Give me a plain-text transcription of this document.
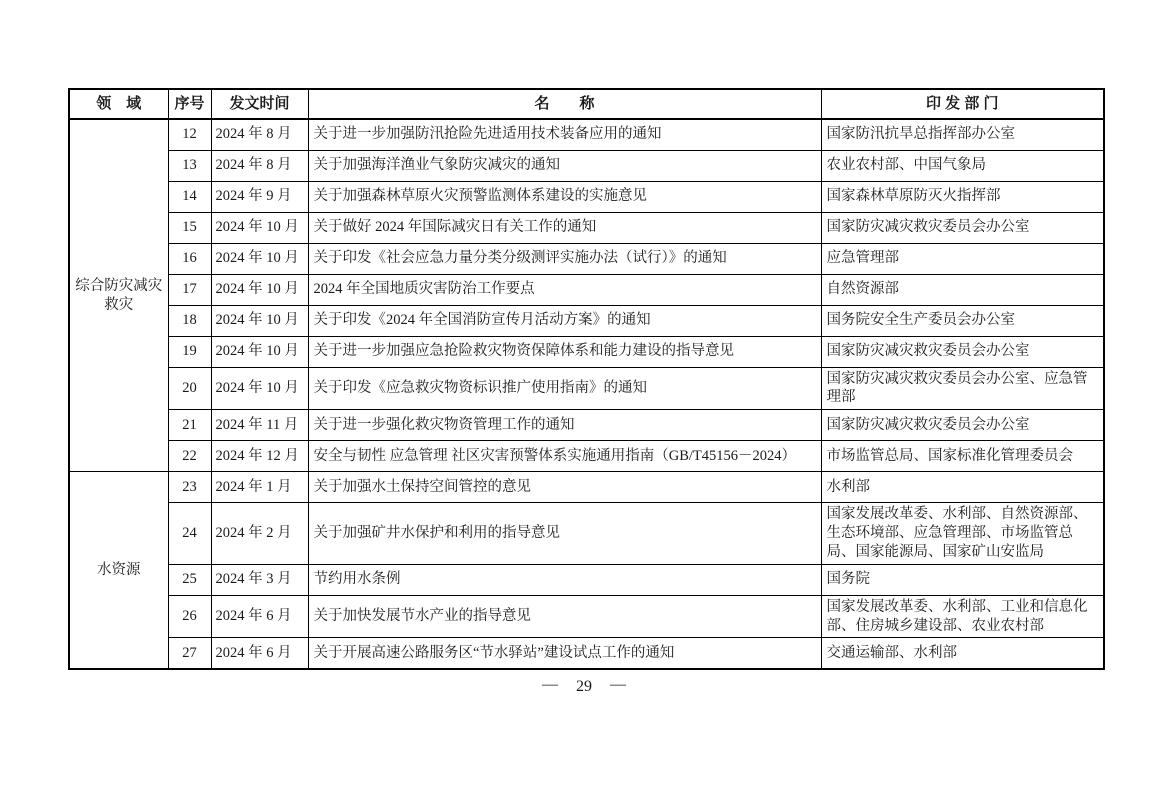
领　域	序号	发文时间	名　　称	印 发 部 门
综合防灾减灾救灾	12	2024 年 8 月	关于进一步加强防汛抢险先进适用技术装备应用的通知	国家防汛抗旱总指挥部办公室
	13	2024 年 8 月	关于加强海洋渔业气象防灾减灾的通知	农业农村部、中国气象局
	14	2024 年 9 月	关于加强森林草原火灾预警监测体系建设的实施意见	国家森林草原防灭火指挥部
	15	2024 年 10 月	关于做好 2024 年国际减灾日有关工作的通知	国家防灾减灾救灾委员会办公室
	16	2024 年 10 月	关于印发《社会应急力量分类分级测评实施办法（试行）》的通知	应急管理部
	17	2024 年 10 月	2024 年全国地质灾害防治工作要点	自然资源部
	18	2024 年 10 月	关于印发《2024 年全国消防宣传月活动方案》的通知	国务院安全生产委员会办公室
	19	2024 年 10 月	关于进一步加强应急抢险救灾物资保障体系和能力建设的指导意见	国家防灾减灾救灾委员会办公室
	20	2024 年 10 月	关于印发《应急救灾物资标识推广使用指南》的通知	国家防灾减灾救灾委员会办公室、应急管理部
	21	2024 年 11 月	关于进一步强化救灾物资管理工作的通知	国家防灾减灾救灾委员会办公室
	22	2024 年 12 月	安全与韧性 应急管理 社区灾害预警体系实施通用指南（GB/T45156－2024）	市场监管总局、国家标准化管理委员会
水资源	23	2024 年 1 月	关于加强水土保持空间管控的意见	水利部
	24	2024 年 2 月	关于加强矿井水保护和利用的指导意见	国家发展改革委、水利部、自然资源部、生态环境部、应急管理部、市场监管总局、国家能源局、国家矿山安监局
	25	2024 年 3 月	节约用水条例	国务院
	26	2024 年 6 月	关于加快发展节水产业的指导意见	国家发展改革委、水利部、工业和信息化部、住房城乡建设部、农业农村部
	27	2024 年 6 月	关于开展高速公路服务区“节水驿站”建设试点工作的通知	交通运输部、水利部
— 29 —
